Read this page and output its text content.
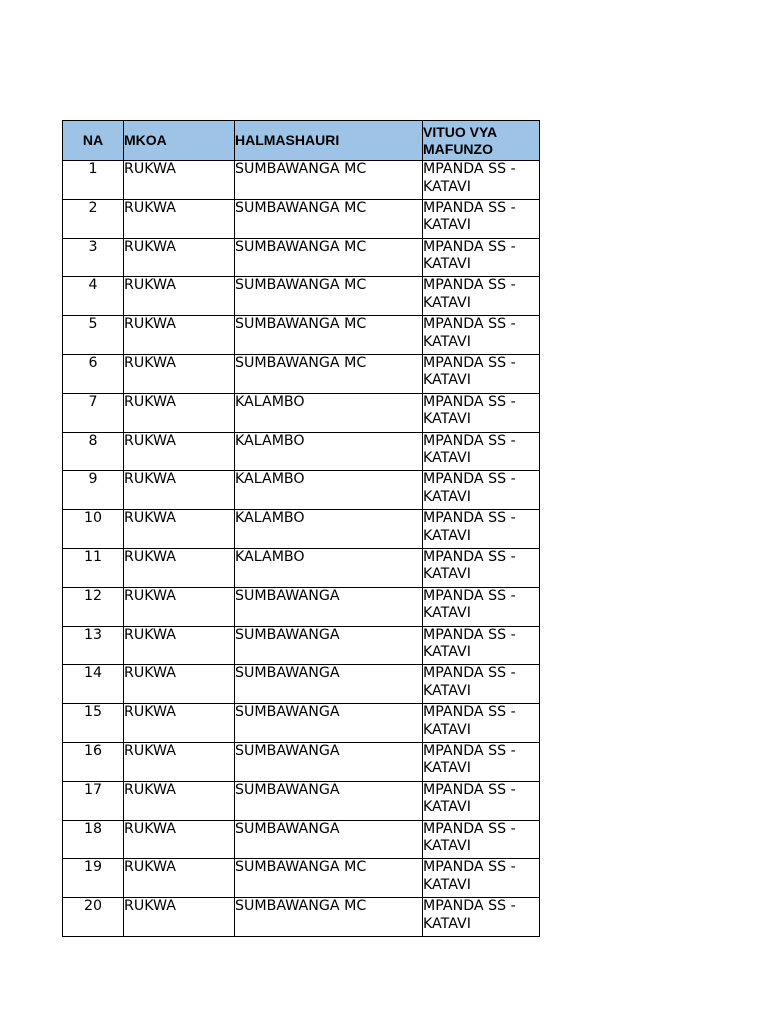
NA	MKOA	HALMASHAURI	VITUO VYA MAFUNZO
1	RUKWA	SUMBAWANGA MC	MPANDA SS - KATAVI
2	RUKWA	SUMBAWANGA MC	MPANDA SS - KATAVI
3	RUKWA	SUMBAWANGA MC	MPANDA SS - KATAVI
4	RUKWA	SUMBAWANGA MC	MPANDA SS - KATAVI
5	RUKWA	SUMBAWANGA MC	MPANDA SS - KATAVI
6	RUKWA	SUMBAWANGA MC	MPANDA SS - KATAVI
7	RUKWA	KALAMBO	MPANDA SS - KATAVI
8	RUKWA	KALAMBO	MPANDA SS - KATAVI
9	RUKWA	KALAMBO	MPANDA SS - KATAVI
10	RUKWA	KALAMBO	MPANDA SS - KATAVI
11	RUKWA	KALAMBO	MPANDA SS - KATAVI
12	RUKWA	SUMBAWANGA	MPANDA SS - KATAVI
13	RUKWA	SUMBAWANGA	MPANDA SS - KATAVI
14	RUKWA	SUMBAWANGA	MPANDA SS - KATAVI
15	RUKWA	SUMBAWANGA	MPANDA SS - KATAVI
16	RUKWA	SUMBAWANGA	MPANDA SS - KATAVI
17	RUKWA	SUMBAWANGA	MPANDA SS - KATAVI
18	RUKWA	SUMBAWANGA	MPANDA SS - KATAVI
19	RUKWA	SUMBAWANGA MC	MPANDA SS - KATAVI
20	RUKWA	SUMBAWANGA MC	MPANDA SS - KATAVI
